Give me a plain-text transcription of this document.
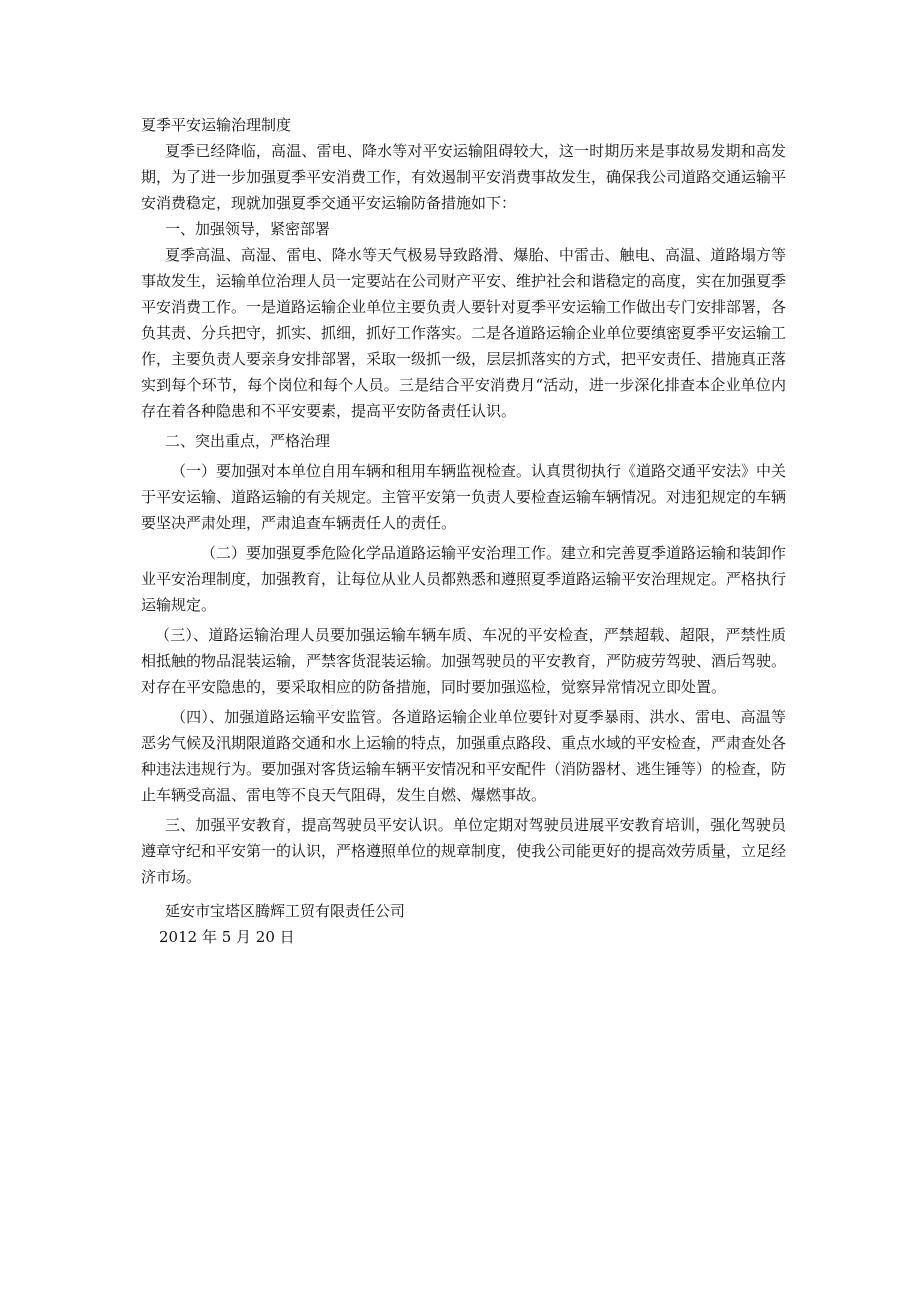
夏季平安运输治理制度

夏季已经降临，高温、雷电、降水等对平安运输阻碍较大，这一时期历来是事故易发期和高发期，为了进一步加强夏季平安消费工作，有效遏制平安消费事故发生，确保我公司道路交通运输平安消费稳定，现就加强夏季交通平安运输防备措施如下：

一、加强领导，紧密部署

夏季高温、高湿、雷电、降水等天气极易导致路滑、爆胎、中雷击、触电、高温、道路塌方等事故发生，运输单位治理人员一定要站在公司财产平安、维护社会和谐稳定的高度，实在加强夏季平安消费工作。一是道路运输企业单位主要负责人要针对夏季平安运输工作做出专门安排部署，各负其责、分兵把守，抓实、抓细，抓好工作落实。二是各道路运输企业单位要缜密夏季平安运输工作，主要负责人要亲身安排部署，采取一级抓一级，层层抓落实的方式，把平安责任、措施真正落实到每个环节，每个岗位和每个人员。三是结合平安消费月“活动，进一步深化排查本企业单位内存在着各种隐患和不平安要素，提高平安防备责任认识。

二、突出重点，严格治理

（一）要加强对本单位自用车辆和租用车辆监视检查。认真贯彻执行《道路交通平安法》中关于平安运输、道路运输的有关规定。主管平安第一负责人要检查运输车辆情况。对违犯规定的车辆要坚决严肃处理，严肃追查车辆责任人的责任。

（二）要加强夏季危险化学品道路运输平安治理工作。建立和完善夏季道路运输和装卸作业平安治理制度，加强教育，让每位从业人员都熟悉和遵照夏季道路运输平安治理规定。严格执行运输规定。

（三）、道路运输治理人员要加强运输车辆车质、车况的平安检查，严禁超载、超限，严禁性质相抵触的物品混装运输，严禁客货混装运输。加强驾驶员的平安教育，严防疲劳驾驶、酒后驾驶。对存在平安隐患的，要采取相应的防备措施，同时要加强巡检，觉察异常情况立即处置。

（四）、加强道路运输平安监管。各道路运输企业单位要针对夏季暴雨、洪水、雷电、高温等恶劣气候及汛期限道路交通和水上运输的特点，加强重点路段、重点水域的平安检查，严肃查处各种违法违规行为。要加强对客货运输车辆平安情况和平安配件（消防器材、逃生锤等）的检查，防止车辆受高温、雷电等不良天气阻碍，发生自燃、爆燃事故。

三、加强平安教育，提高驾驶员平安认识。单位定期对驾驶员进展平安教育培训，强化驾驶员遵章守纪和平安第一的认识，严格遵照单位的规章制度，使我公司能更好的提高效劳质量，立足经济市场。

延安市宝塔区腾辉工贸有限责任公司

2012 年 5 月 20 日
